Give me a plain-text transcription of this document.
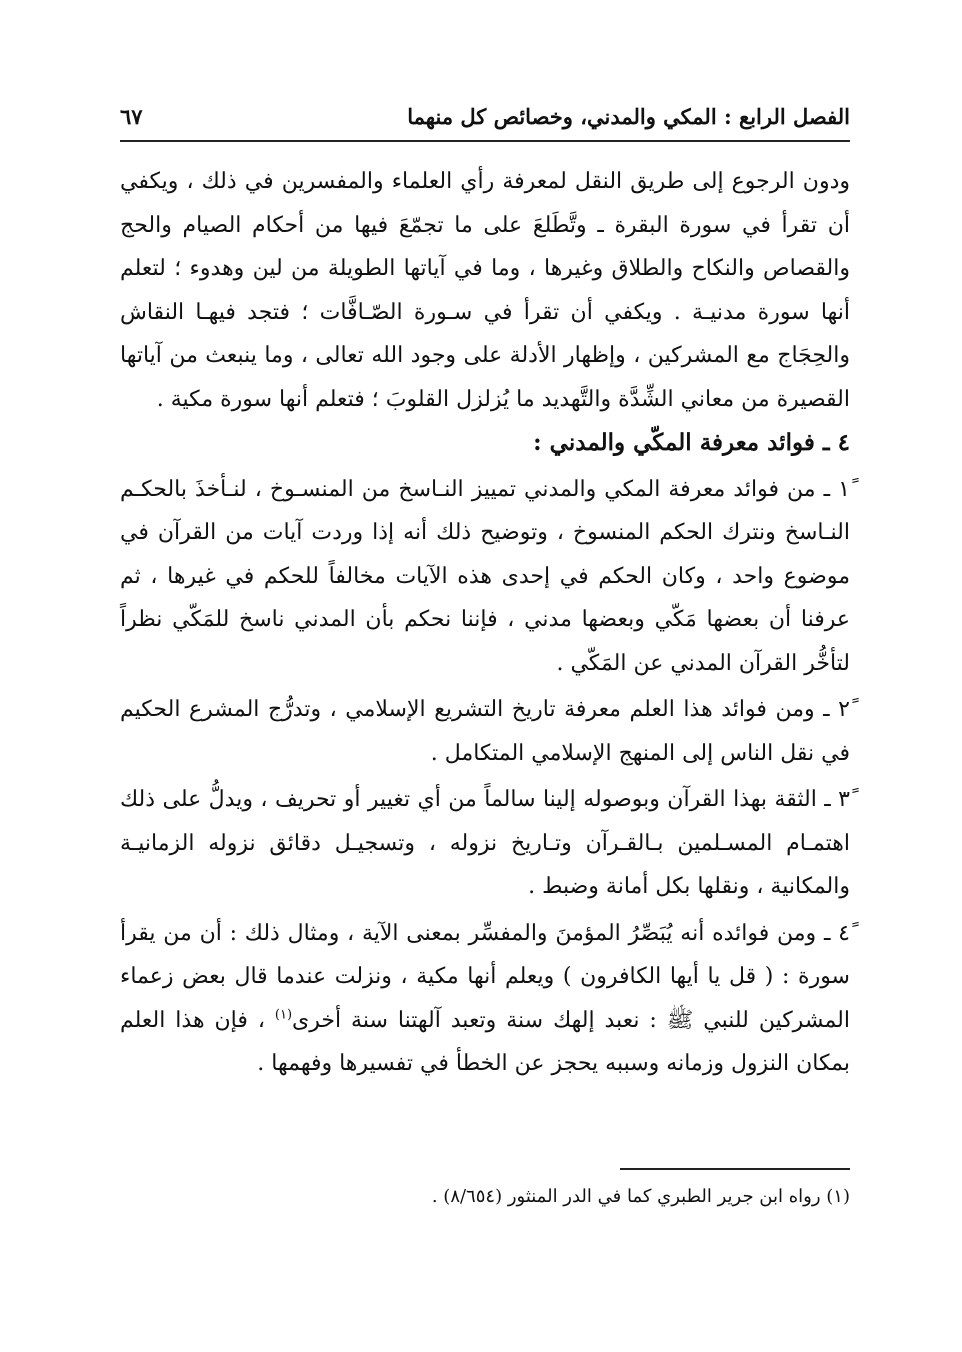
الفصل الرابع : المكي والمدني، وخصائص كل منهما
٦٧

ودون الرجوع إلى طريق النقل لمعرفة رأي العلماء والمفسرين في ذلك ، ويكفي أن تقرأ في سورة البقرة ـ وتَّطَلعَ على ما تجمّعَ فيها من أحكام الصيام والحج والقصاص والنكاح والطلاق وغيرها ، وما في آياتها الطويلة من لين وهدوء ؛ لتعلم أنها سورة مدنيـة . ويكفي أن تقرأ في سـورة الصّـافَّات ؛ فتجد فيهـا النقاش والحِجَاج مع المشركين ، وإظهار الأدلة على وجود الله تعالى ، وما ينبعث من آياتها القصيرة من معاني الشِّدَّة والتَّهديد ما يُزلزل القلوبَ ؛ فتعلم أنها سورة مكية .

٤ ـ فوائد معرفة المكّي والمدني :

١ً ـ من فوائد معرفة المكي والمدني تمييز النـاسخ من المنسـوخ ، لنـأخذَ بالحكـم النـاسخ ونترك الحكم المنسوخ ، وتوضيح ذلك أنه إذا وردت آيات من القرآن في موضوع واحد ، وكان الحكم في إحدى هذه الآيات مخالفاً للحكم في غيرها ، ثم عرفنا أن بعضها مَكّي وبعضها مدني ، فإننا نحكم بأن المدني ناسخ للمَكّي نظراً لتأخُّر القرآن المدني عن المَكّي .

٢ً ـ ومن فوائد هذا العلم معرفة تاريخ التشريع الإسلامي ، وتدرُّج المشرع الحكيم في نقل الناس إلى المنهج الإسلامي المتكامل .

٣ً ـ الثقة بهذا القرآن وبوصوله إلينا سالماً من أي تغيير أو تحريف ، ويدلُّ على ذلك اهتمـام المسـلمين بـالقـرآن وتـاريخ نزوله ، وتسجيـل دقائق نزوله الزمانيـة والمكانية ، ونقلها بكل أمانة وضبط .

٤ً ـ ومن فوائده أنه يُبَصِّرُ المؤمنَ والمفسِّر بمعنى الآية ، ومثال ذلك : أن من يقرأ سورة : ( قل يا أيها الكافرون ) ويعلم أنها مكية ، ونزلت عندما قال بعض زعماء المشركين للنبي ﷺ : نعبد إلهك سنة وتعبد آلهتنا سنة أخرى$^{(١)}$ ، فإن هذا العلم بمكان النزول وزمانه وسببه يحجز عن الخطأ في تفسيرها وفهمها .

(١) رواه ابن جرير الطبري كما في الدر المنثور (٨/٦٥٤) .
